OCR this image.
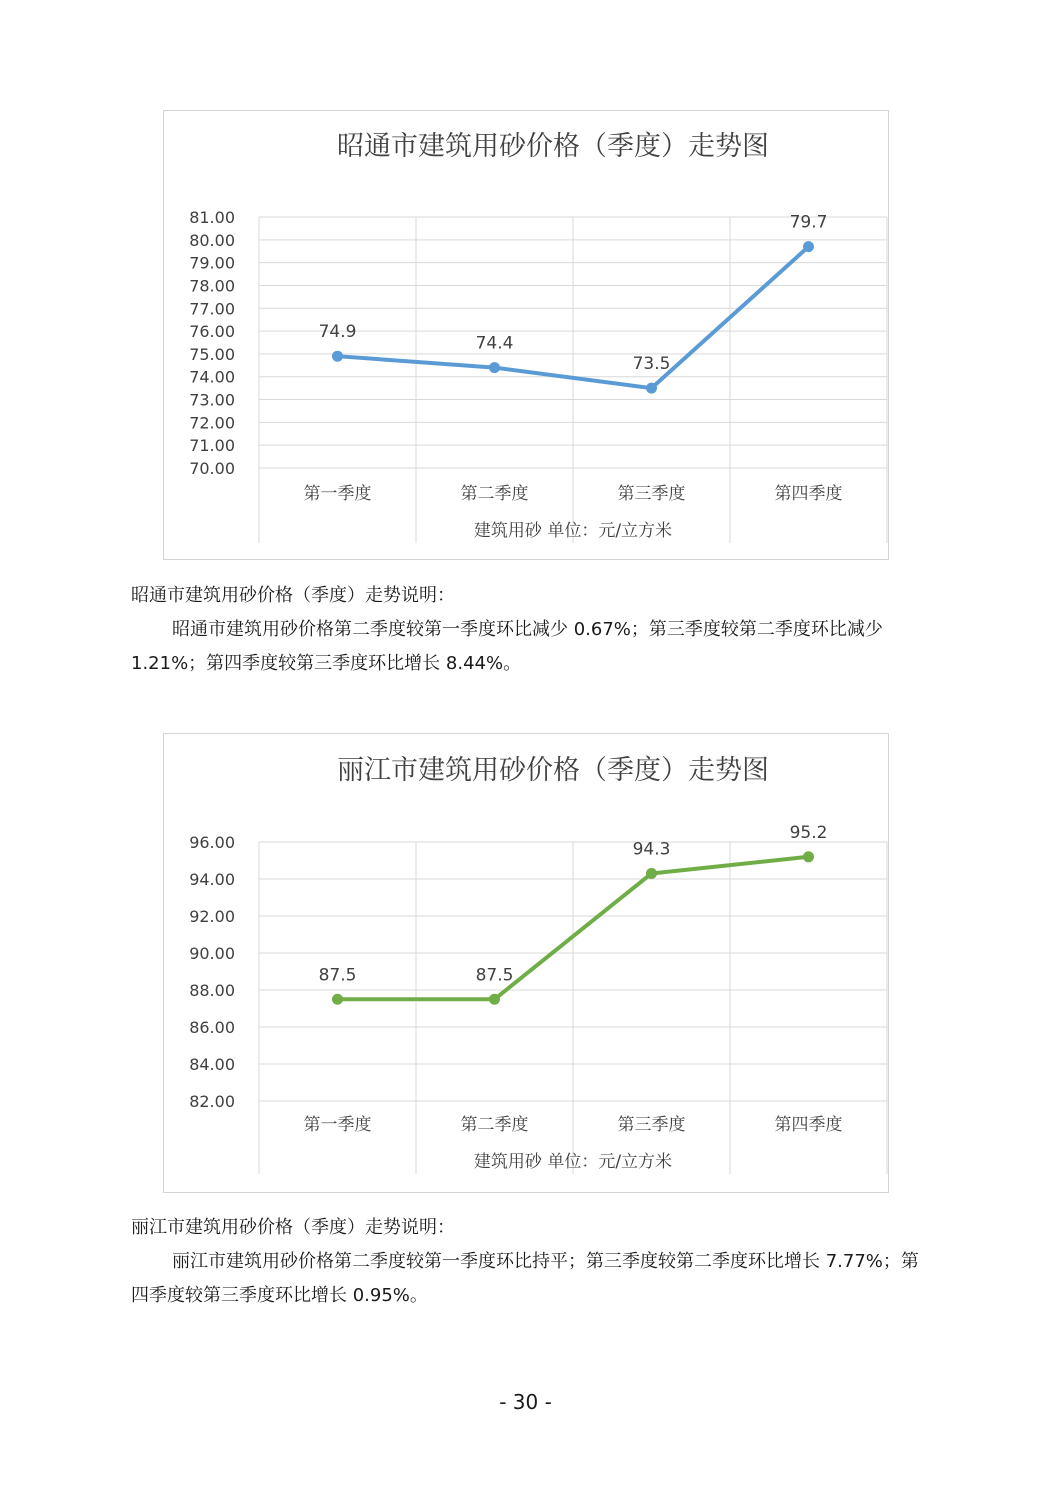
昭通市建筑用砂价格（季度）走势图
70.00
71.00
72.00
73.00
74.00
75.00
76.00
77.00
78.00
79.00
80.00
81.00
第一季度	第二季度	第三季度	第四季度
建筑用砂 单位：元/立方米
74.9
74.4
73.5
79.7
昭通市建筑用砂价格（季度）走势说明：
昭通市建筑用砂价格第二季度较第一季度环比减少 0.67%；第三季度较第二季度环比减少 1.21%；第四季度较第三季度环比增长 8.44%。
丽江市建筑用砂价格（季度）走势图
82.00
84.00
86.00
88.00
90.00
92.00
94.00
96.00
第一季度	第二季度	第三季度	第四季度
建筑用砂 单位：元/立方米
87.5	87.5
94.3
95.2
丽江市建筑用砂价格（季度）走势说明：
丽江市建筑用砂价格第二季度较第一季度环比持平；第三季度较第二季度环比增长 7.77%；第四季度较第三季度环比增长 0.95%。
- 30 -
